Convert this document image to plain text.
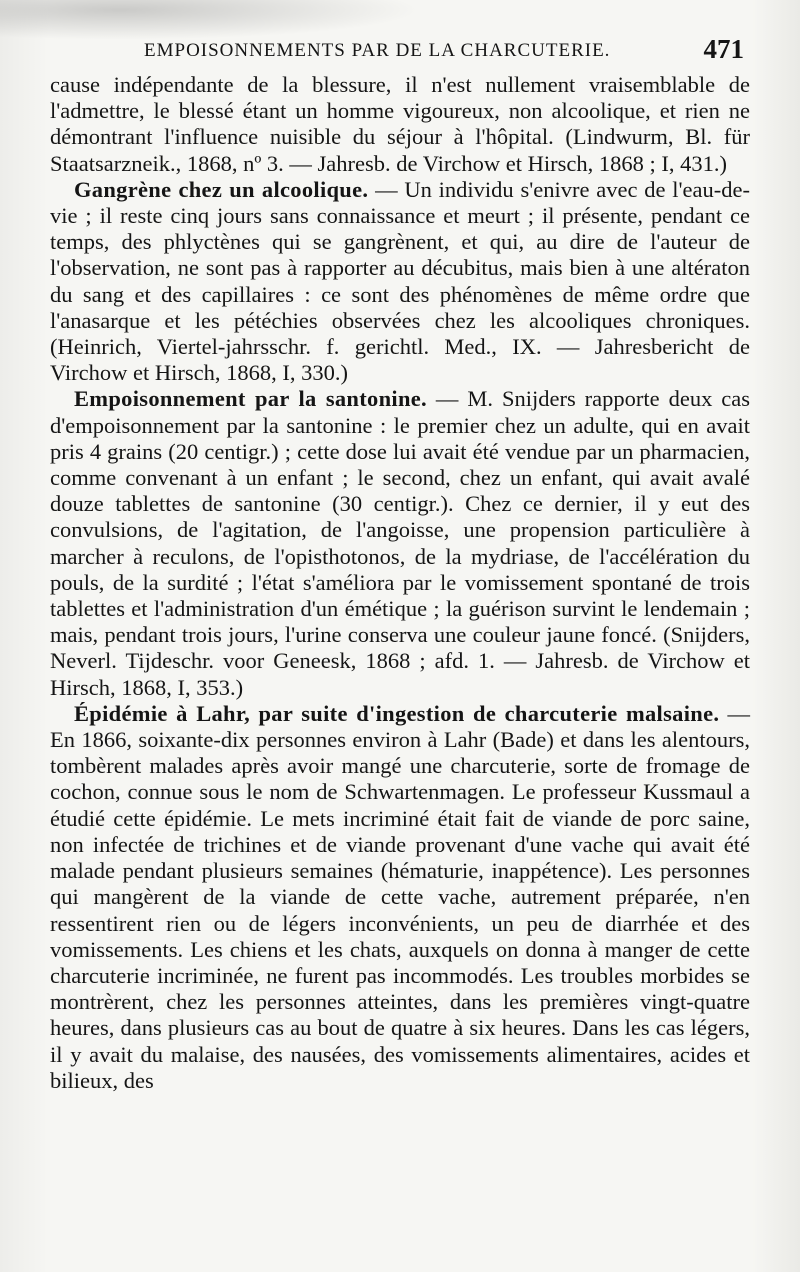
EMPOISONNEMENTS PAR DE LA CHARCUTERIE.	471

cause indépendante de la blessure, il n'est nullement vraisemblable de l'admettre, le blessé étant un homme vigoureux, non alcoolique, et rien ne démontrant l'influence nuisible du séjour à l'hôpital. (Lindwurm, Bl. für Staatsarzneik., 1868, nº 3. — Jahresb. de Virchow et Hirsch, 1868 ; I, 431.)

Gangrène chez un alcoolique. — Un individu s'enivre avec de l'eau-de-vie ; il reste cinq jours sans connaissance et meurt ; il présente, pendant ce temps, des phlyctènes qui se gangrènent, et qui, au dire de l'auteur de l'observation, ne sont pas à rapporter au décubitus, mais bien à une altératon du sang et des capillaires : ce sont des phénomènes de même ordre que l'anasarque et les pétéchies observées chez les alcooliques chroniques. (Heinrich, Viertel-jahrsschr. f. gerichtl. Med., IX. — Jahresbericht de Virchow et Hirsch, 1868, I, 330.)

Empoisonnement par la santonine. — M. Snijders rapporte deux cas d'empoisonnement par la santonine : le premier chez un adulte, qui en avait pris 4 grains (20 centigr.) ; cette dose lui avait été vendue par un pharmacien, comme convenant à un enfant ; le second, chez un enfant, qui avait avalé douze tablettes de santonine (30 centigr.). Chez ce dernier, il y eut des convulsions, de l'agitation, de l'angoisse, une propension particulière à marcher à reculons, de l'opisthotonos, de la mydriase, de l'accélération du pouls, de la surdité ; l'état s'améliora par le vomissement spontané de trois tablettes et l'administration d'un émétique ; la guérison survint le lendemain ; mais, pendant trois jours, l'urine conserva une couleur jaune foncé. (Snijders, Neverl. Tijdeschr. voor Geneesk, 1868 ; afd. 1. — Jahresb. de Virchow et Hirsch, 1868, I, 353.)

Épidémie à Lahr, par suite d'ingestion de charcuterie malsaine. — En 1866, soixante-dix personnes environ à Lahr (Bade) et dans les alentours, tombèrent malades après avoir mangé une charcuterie, sorte de fromage de cochon, connue sous le nom de Schwartenmagen. Le professeur Kussmaul a étudié cette épidémie. Le mets incriminé était fait de viande de porc saine, non infectée de trichines et de viande provenant d'une vache qui avait été malade pendant plusieurs semaines (hématurie, inappétence). Les personnes qui mangèrent de la viande de cette vache, autrement préparée, n'en ressentirent rien ou de légers inconvénients, un peu de diarrhée et des vomissements. Les chiens et les chats, auxquels on donna à manger de cette charcuterie incriminée, ne furent pas incommodés. Les troubles morbides se montrèrent, chez les personnes atteintes, dans les premières vingt-quatre heures, dans plusieurs cas au bout de quatre à six heures. Dans les cas légers, il y avait du malaise, des nausées, des vomissements alimentaires, acides et bilieux, des
